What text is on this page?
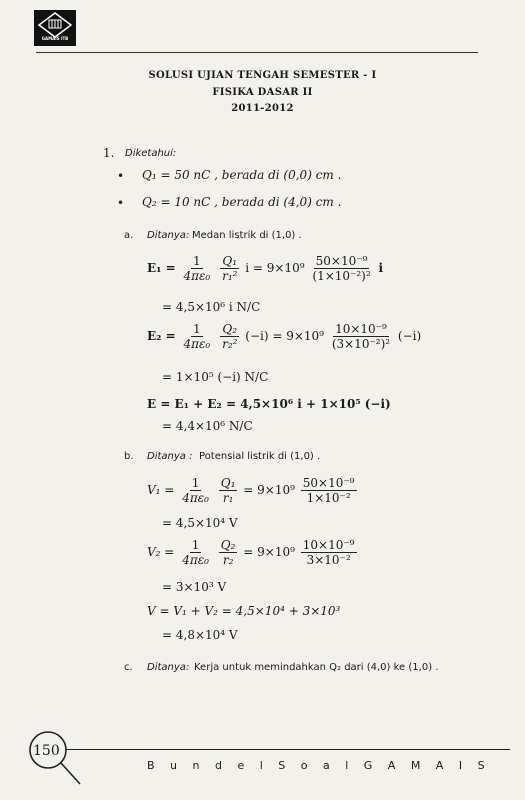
GAMAIS ITB
SOLUSI UJIAN TENGAH SEMESTER - I
FISIKA DASAR II
2011-2012
1. Diketahui:
• Q₁ = 50 nC , berada di (0,0) cm .
• Q₂ = 10 nC , berada di (4,0) cm .
a. Ditanya: Medan listrik di (1,0) .
$E_1 = \frac{1}{\text{4πε₀}}$
$\frac{\text{Q₁}}{\text{r₁²}}$ $i = 9\times 10^9 \frac{\text{50×10⁻⁹}}{\text{(1×10⁻²)²}}$ i
= 4,5×10⁶ i N/C
$E_2 = \frac{1}{\text{4πε₀}}$
$\frac{\text{Q₂}}{\text{r₂²}} (-i) = 9\times 10^9 \frac{\text{10×10⁻⁹}}{\text{(3×10⁻²)²}} (-i)$
= 1×10⁵ (−i) N/C
E = E₁ + E₂ = 4,5×10⁶ i + 1×10⁵ (−i)
= 4,4×10⁶ N/C
b. Ditanya : Potensial listrik di (1,0) .
$V_1 = \frac{1}{\text{4πε₀}}$
$\frac{\text{Q₁}}{\text{r₁}} = 9\times 10^9 \frac{\text{50×10⁻⁹}}{\text{1×10⁻²}}$
= 4,5×10⁴ V
$V_2 = \frac{1}{\text{4πε₀}}$
$\frac{\text{Q₂}}{\text{r₂}} = 9\times 10^9 \frac{\text{10×10⁻⁹}}{\text{3×10⁻²}}$
= 3×10³ V
V = V₁ + V₂ = 4,5×10⁴ + 3×10³
= 4,8×10⁴ V
c. Ditanya: Kerja untuk memindahkan Q₂ dari (4,0) ke (1,0) .
150
B u n d e l S o a l G A M A I S
